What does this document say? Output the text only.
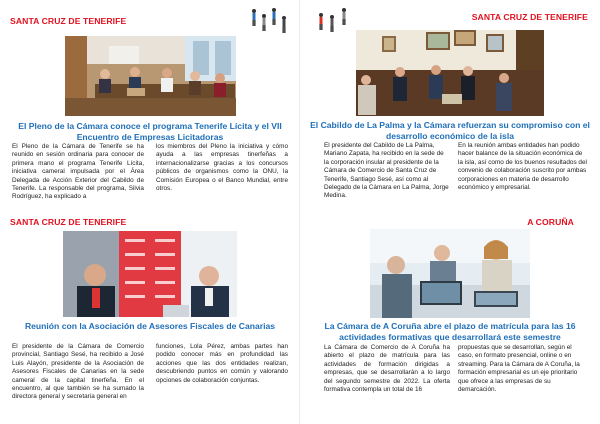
SANTA CRUZ DE TENERIFE
El Pleno de la Cámara conoce el programa Tenerife Lícita y el VII Encuentro de Empresas Licitadoras
El Pleno de la Cámara de Tenerife se ha reunido en sesión ordinaria para conocer de primera mano el programa Tenerife Lícita, iniciativa cameral impulsada por el Área Delegada de Acción Exterior del Cabildo de Tenerife. La responsable del programa, Silvia Rodríguez, ha explicado a
los miembros del Pleno la iniciativa y cómo ayuda a las empresas tinerfeñas a internacionalizarse gracias a los concursos públicos de organismos como la ONU, la Comisión Europea o el Banco Mundial, entre otros.
SANTA CRUZ DE TENERIFE
Reunión con la Asociación de Asesores Fiscales de Canarias
El presidente de la Cámara de Comercio provincial, Santiago Sesé, ha recibido a José Luis Alayón, presidente de la Asociación de Asesores Fiscales de Canarias en la sede cameral de la capital tinerfeña. En el encuentro, al que también se ha sumado la directora general y secretaria general en
funciones, Lola Pérez, ambas partes han podido conocer más en profundidad las acciones que las dos entidades realizan, descubriendo puntos en común y valorando opciones de colaboración conjuntas.
SANTA CRUZ DE TENERIFE
El Cabildo de La Palma y la Cámara refuerzan su compromiso con el desarrollo económico de la isla
El presidente del Cabildo de La Palma, Mariano Zapata, ha recibido en la sede de la corporación insular al presidente de la Cámara de Comercio de Santa Cruz de Tenerife, Santiago Sesé, así como al Delegado de la Cámara en La Palma, Jorge Medina.
En la reunión ambas entidades han podido hacer balance de la situación económica de la isla, así como de los buenos resultados del convenio de colaboración suscrito por ambas corporaciones en materia de desarrollo económico y empresarial.
A CORUÑA
La Cámara de A Coruña abre el plazo de matrícula para las 16 actividades formativas que desarrollará este semestre
La Cámara de Comercio de A Coruña ha abierto el plazo de matrícula para las actividades de formación dirigidas a empresas, que se desarrollarán a lo largo del segundo semestre de 2022. La oferta formativa contempla un total de 16
propuestas que se desarrollan, según el caso, en formato presencial, online o en streaming. Para la Cámara de A Coruña, la formación empresarial es un eje prioritario que ofrece a las empresas de su demarcación.
